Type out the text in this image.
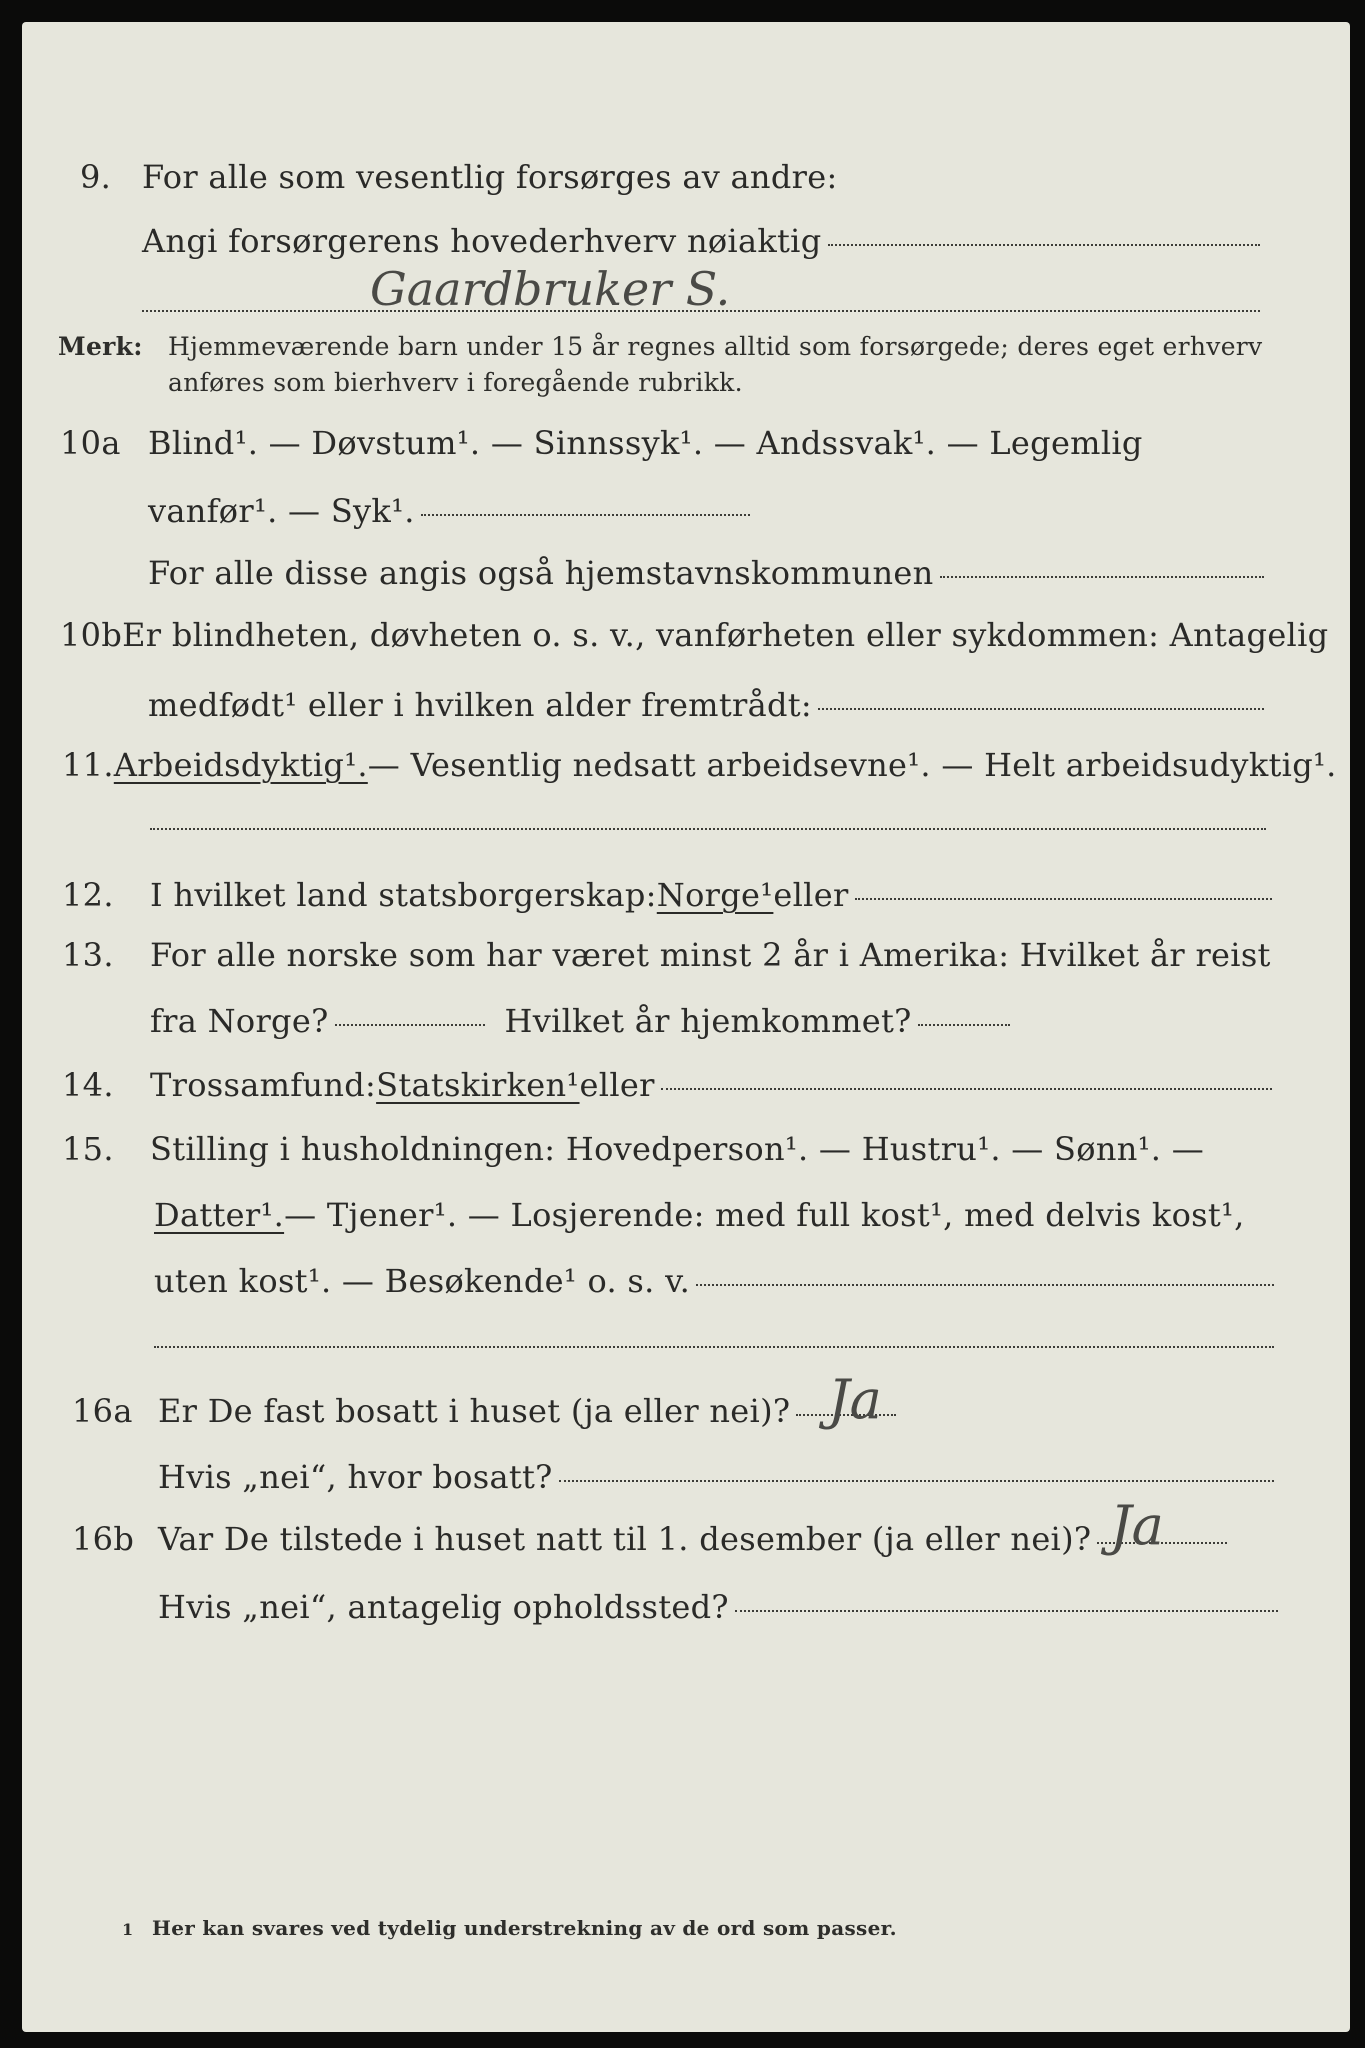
9. For alle som vesentlig forsørges av andre:
Angi forsørgerens hovederhverv nøiaktig
Gaardbruker S.
Merk:	Hjemmeværende barn under 15 år regnes alltid som forsørgede; deres eget erhverv
anføres som bierhverv i foregående rubrikk.
10a Blind¹. — Døvstum¹. — Sinnssyk¹. — Andssvak¹. — Legemlig
vanfør¹. — Syk¹.
For alle disse angis også hjemstavnskommunen
10b Er blindheten, døvheten o. s. v., vanførheten eller sykdommen: Antagelig
medfødt¹ eller i hvilken alder fremtrådt:
11. Arbeidsdyktig¹. — Vesentlig nedsatt arbeidsevne¹. — Helt arbeidsudyktig¹.
12.	I hvilket land statsborgerskap: Norge¹ eller
13.	For alle norske som har været minst 2 år i Amerika: Hvilket år reist
fra Norge?	Hvilket år hjemkommet?
14.	Trossamfund: Statskirken¹ eller
15.	Stilling i husholdningen: Hovedperson¹. — Hustru¹. — Sønn¹. —
Datter¹. — Tjener¹. — Losjerende: med full kost¹, med delvis kost¹,
uten kost¹. — Besøkende¹ o. s. v.
16a Er De fast bosatt i huset (ja eller nei)? Ja
Hvis „nei“, hvor bosatt?
16b Var De tilstede i huset natt til 1. desember (ja eller nei)? Ja
Hvis „nei“, antagelig opholdssted?
1 Her kan svares ved tydelig understrekning av de ord som passer.
